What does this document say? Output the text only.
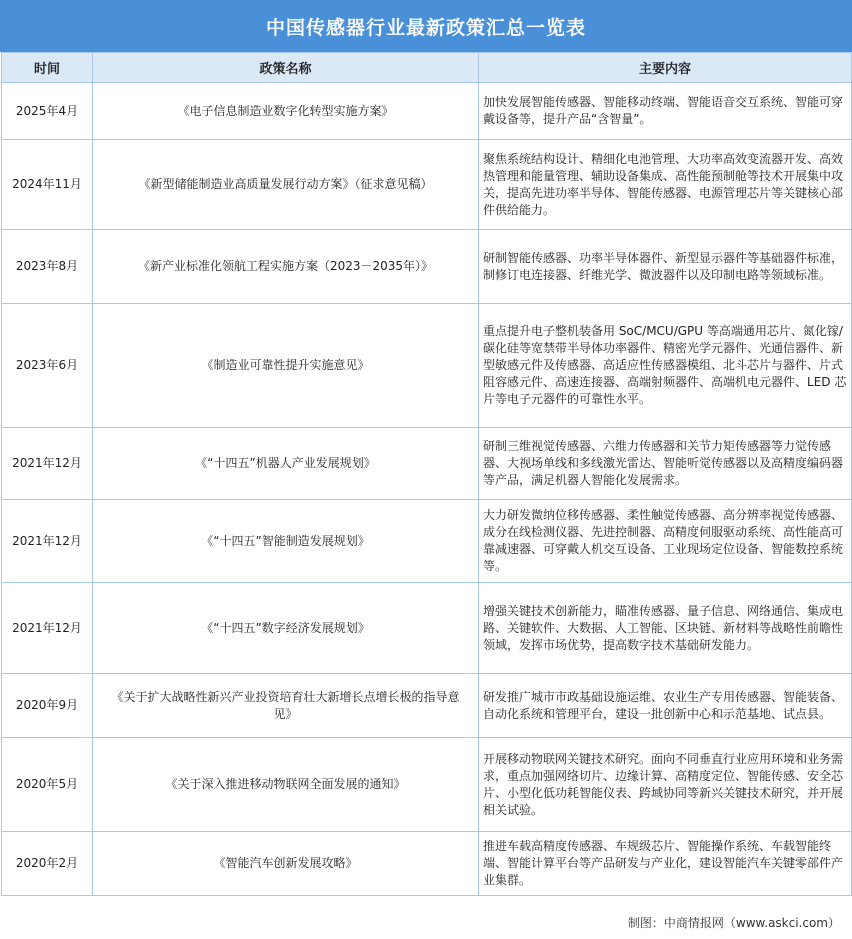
中国传感器行业最新政策汇总一览表
时间	政策名称	主要内容
2025年4月	《电子信息制造业数字化转型实施方案》	加快发展智能传感器、智能移动终端、智能语音交互系统、智能可穿戴设备等，提升产品“含智量”。
2024年11月	《新型储能制造业高质量发展行动方案》（征求意见稿）	聚焦系统结构设计、精细化电池管理、大功率高效变流器开发、高效热管理和能量管理、辅助设备集成、高性能预制舱等技术开展集中攻关，提高先进功率半导体、智能传感器、电源管理芯片等关键核心部件供给能力。
2023年8月	《新产业标准化领航工程实施方案（2023－2035年）》	研制智能传感器、功率半导体器件、新型显示器件等基础器件标准，制修订电连接器、纤维光学、微波器件以及印制电路等领域标准。
2023年6月	《制造业可靠性提升实施意见》	重点提升电子整机装备用 SoC/MCU/GPU 等高端通用芯片、氮化镓/碳化硅等宽禁带半导体功率器件、精密光学元器件、光通信器件、新型敏感元件及传感器、高适应性传感器模组、北斗芯片与器件、片式阻容感元件、高速连接器、高端射频器件、高端机电元器件、LED 芯片等电子元器件的可靠性水平。
2021年12月	《“十四五”机器人产业发展规划》	研制三维视觉传感器、六维力传感器和关节力矩传感器等力觉传感器、大视场单线和多线激光雷达、智能听觉传感器以及高精度编码器等产品，满足机器人智能化发展需求。
2021年12月	《“十四五”智能制造发展规划》	大力研发微纳位移传感器、柔性触觉传感器、高分辨率视觉传感器、成分在线检测仪器、先进控制器、高精度伺服驱动系统、高性能高可靠减速器、可穿戴人机交互设备、工业现场定位设备、智能数控系统等。
2021年12月	《“十四五”数字经济发展规划》	增强关键技术创新能力，瞄准传感器、量子信息、网络通信、集成电路、关键软件、大数据、人工智能、区块链、新材料等战略性前瞻性领域，发挥市场优势，提高数字技术基础研发能力。
2020年9月	《关于扩大战略性新兴产业投资培育壮大新增长点增长极的指导意见》	研发推广城市市政基础设施运维、农业生产专用传感器、智能装备、自动化系统和管理平台，建设一批创新中心和示范基地、试点县。
2020年5月	《关于深入推进移动物联网全面发展的通知》	开展移动物联网关键技术研究。面向不同垂直行业应用环境和业务需求，重点加强网络切片、边缘计算、高精度定位、智能传感、安全芯片、小型化低功耗智能仪表、跨域协同等新兴关键技术研究，并开展相关试验。
2020年2月	《智能汽车创新发展攻略》	推进车载高精度传感器、车规级芯片、智能操作系统、车载智能终端、智能计算平台等产品研发与产业化，建设智能汽车关键零部件产业集群。
制图：中商情报网（www.askci.com）
